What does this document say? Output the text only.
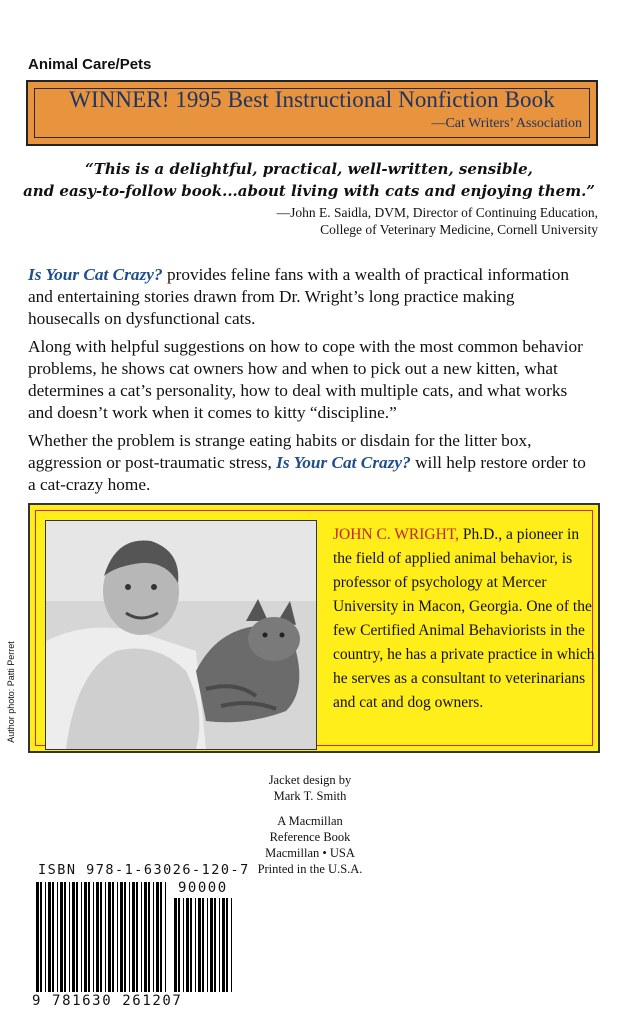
Animal Care/Pets
WINNER! 1995 Best Instructional Nonfiction Book
—Cat Writers’ Association
“This is a delightful, practical, well-written, sensible,
and easy-to-follow book...about living with cats and enjoying them.”
—John E. Saidla, DVM, Director of Continuing Education,
College of Veterinary Medicine, Cornell University
Is Your Cat Crazy? provides feline fans with a wealth of practical information and entertaining stories drawn from Dr. Wright’s long practice making housecalls on dysfunctional cats.
Along with helpful suggestions on how to cope with the most common behavior problems, he shows cat owners how and when to pick out a new kitten, what determines a cat’s personality, how to deal with multiple cats, and what works and doesn’t work when it comes to kitty “discipline.”
Whether the problem is strange eating habits or disdain for the litter box, aggression or post-traumatic stress, Is Your Cat Crazy? will help restore order to a cat-crazy home.
JOHN C. WRIGHT, Ph.D., a pioneer in the field of applied animal behavior, is professor of psychology at Mercer University in Macon, Georgia. One of the few Certified Animal Behaviorists in the country, he has a private practice in which he serves as a consultant to veterinarians and cat and dog owners.
Author photo: Patti Perret
Jacket design by
Mark T. Smith
A Macmillan
Reference Book
Macmillan • USA
Printed in the U.S.A.
ISBN 978-1-63026-120-7
90000
9 781630 261207
